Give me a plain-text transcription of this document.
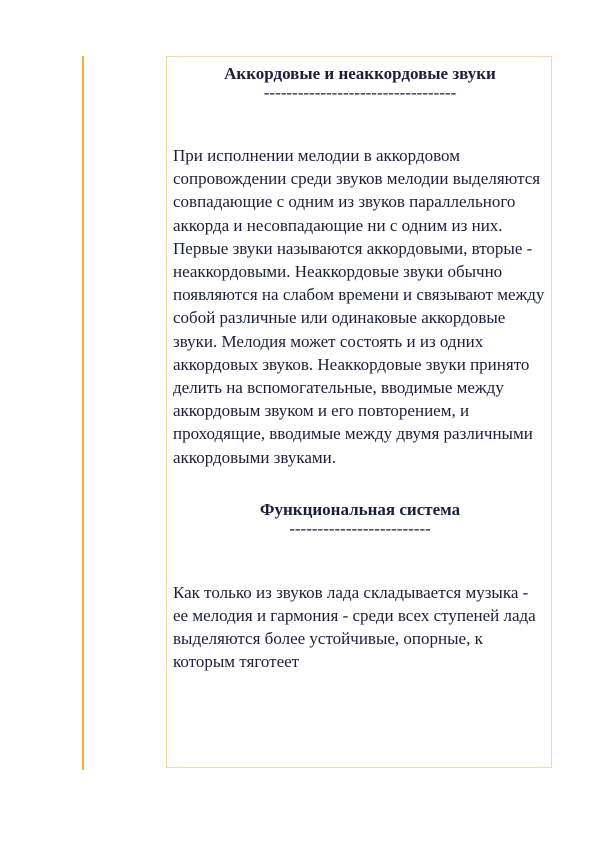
Аккордовые и неаккордовые звуки
----------------------------------

При исполнении мелодии в аккордовом сопровождении среди звуков мелодии выделяются совпадающие с одним из звуков параллельного аккорда и несовпадающие ни с одним из них. Первые звуки называются аккордовыми, вторые - неаккордовыми. Неаккордовые звуки обычно появляются на слабом времени и связывают между собой различные или одинаковые аккордовые звуки. Мелодия может состоять и из одних аккордовых звуков. Неаккордовые звуки принято делить на вспомогательные, вводимые между аккордовым звуком и его повторением, и проходящие, вводимые между двумя различными аккордовыми звуками.

Функциональная система
-------------------------

Как только из звуков лада складывается музыка - ее мелодия и гармония - среди всех ступеней лада выделяются более устойчивые, опорные, к которым тяготеет
